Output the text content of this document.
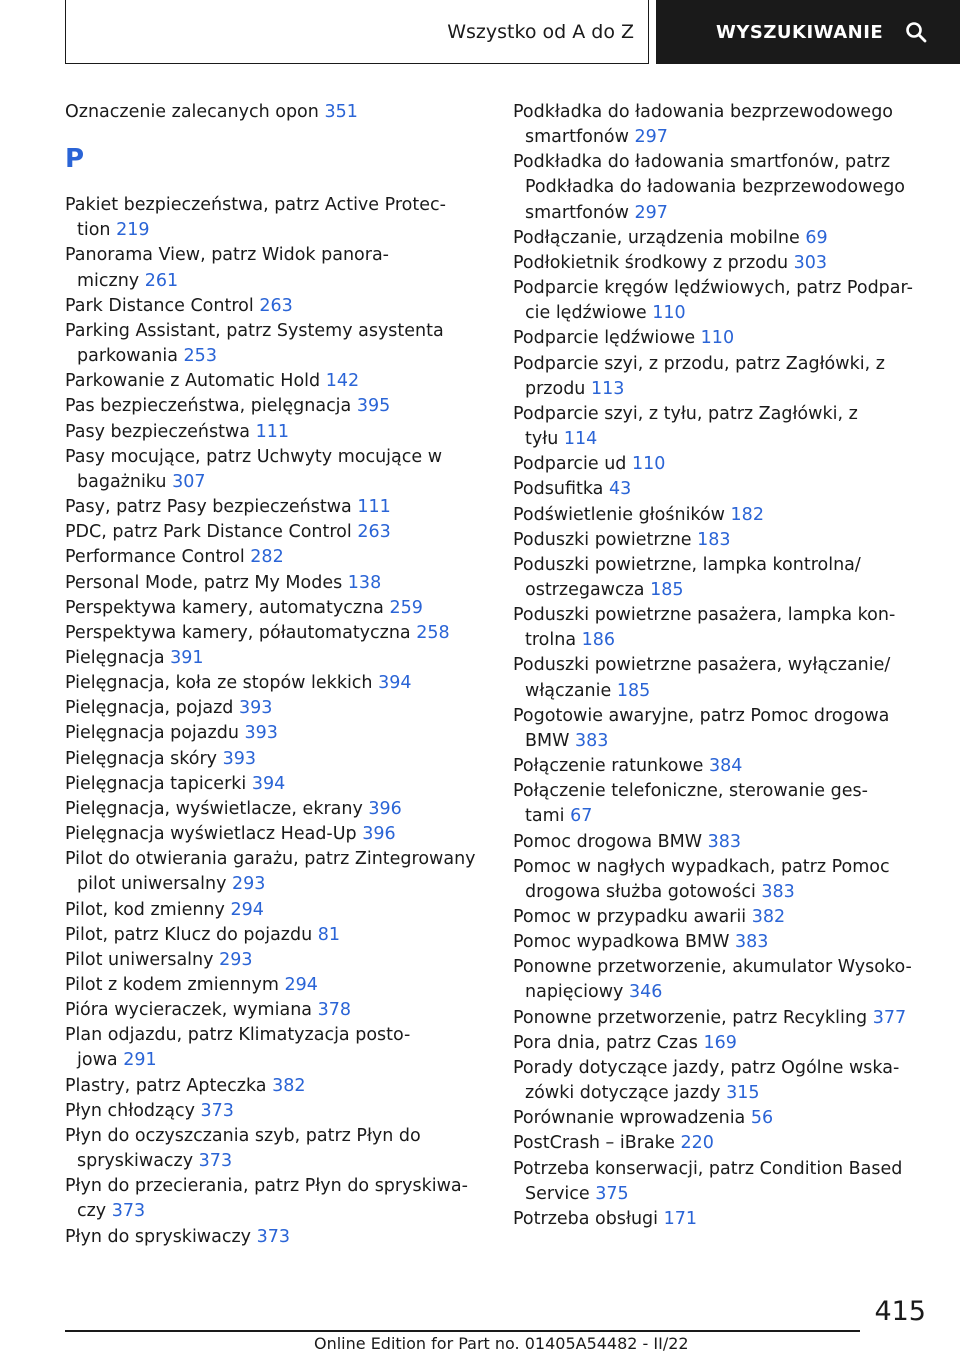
Wszystko od A do Z	WYSZUKIWANIE
Oznaczenie zalecanych opon 351
P
Pakiet bezpieczeństwa, patrz Active Protec-
tion 219
Panorama View, patrz Widok panora-
miczny 261
Park Distance Control 263
Parking Assistant, patrz Systemy asystenta
parkowania 253
Parkowanie z Automatic Hold 142
Pas bezpieczeństwa, pielęgnacja 395
Pasy bezpieczeństwa 111
Pasy mocujące, patrz Uchwyty mocujące w
bagażniku 307
Pasy, patrz Pasy bezpieczeństwa 111
PDC, patrz Park Distance Control 263
Performance Control 282
Personal Mode, patrz My Modes 138
Perspektywa kamery, automatyczna 259
Perspektywa kamery, półautomatyczna 258
Pielęgnacja 391
Pielęgnacja, koła ze stopów lekkich 394
Pielęgnacja, pojazd 393
Pielęgnacja pojazdu 393
Pielęgnacja skóry 393
Pielęgnacja tapicerki 394
Pielęgnacja, wyświetlacze, ekrany 396
Pielęgnacja wyświetlacz Head-Up 396
Pilot do otwierania garażu, patrz Zintegrowany
pilot uniwersalny 293
Pilot, kod zmienny 294
Pilot, patrz Klucz do pojazdu 81
Pilot uniwersalny 293
Pilot z kodem zmiennym 294
Pióra wycieraczek, wymiana 378
Plan odjazdu, patrz Klimatyzacja posto-
jowa 291
Plastry, patrz Apteczka 382
Płyn chłodzący 373
Płyn do oczyszczania szyb, patrz Płyn do
spryskiwaczy 373
Płyn do przecierania, patrz Płyn do spryskiwa-
czy 373
Płyn do spryskiwaczy 373
Podkładka do ładowania bezprzewodowego
smartfonów 297
Podkładka do ładowania smartfonów, patrz
Podkładka do ładowania bezprzewodowego
smartfonów 297
Podłączanie, urządzenia mobilne 69
Podłokietnik środkowy z przodu 303
Podparcie kręgów lędźwiowych, patrz Podpar-
cie lędźwiowe 110
Podparcie lędźwiowe 110
Podparcie szyi, z przodu, patrz Zagłówki, z
przodu 113
Podparcie szyi, z tyłu, patrz Zagłówki, z
tyłu 114
Podparcie ud 110
Podsufitka 43
Podświetlenie głośników 182
Poduszki powietrzne 183
Poduszki powietrzne, lampka kontrolna/
ostrzegawcza 185
Poduszki powietrzne pasażera, lampka kon-
trolna 186
Poduszki powietrzne pasażera, wyłączanie/
włączanie 185
Pogotowie awaryjne, patrz Pomoc drogowa
BMW 383
Połączenie ratunkowe 384
Połączenie telefoniczne, sterowanie ges-
tami 67
Pomoc drogowa BMW 383
Pomoc w nagłych wypadkach, patrz Pomoc
drogowa służba gotowości 383
Pomoc w przypadku awarii 382
Pomoc wypadkowa BMW 383
Ponowne przetworzenie, akumulator Wysoko-
napięciowy 346
Ponowne przetworzenie, patrz Recykling 377
Pora dnia, patrz Czas 169
Porady dotyczące jazdy, patrz Ogólne wska-
zówki dotyczące jazdy 315
Porównanie wprowadzenia 56
PostCrash – iBrake 220
Potrzeba konserwacji, patrz Condition Based
Service 375
Potrzeba obsługi 171
415
Online Edition for Part no. 01405A54482 - II/22
